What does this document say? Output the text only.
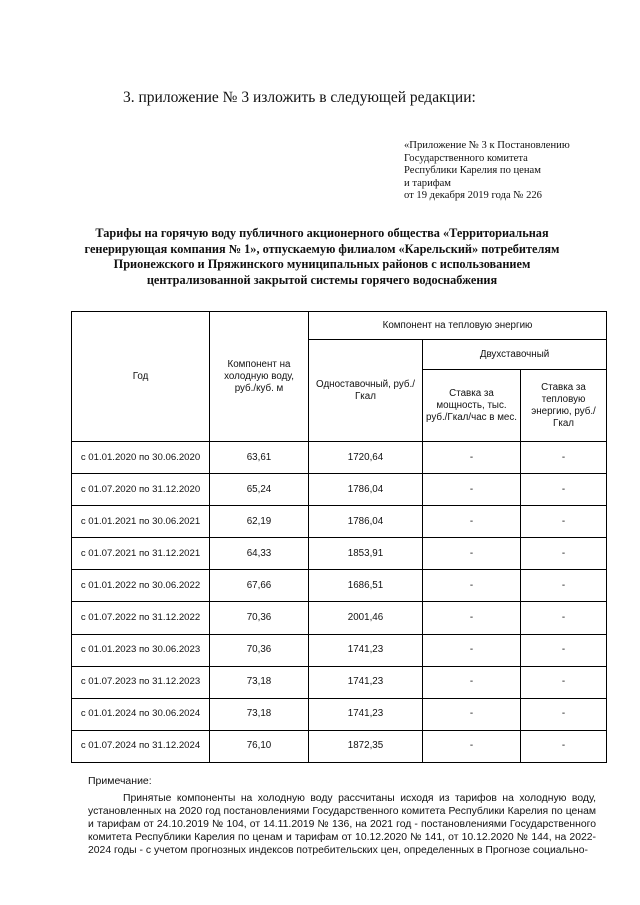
3. приложение № 3 изложить в следующей редакции:
«Приложение № 3 к Постановлению
Государственного комитета
Республики Карелия по ценам
и тарифам
от 19 декабря 2019 года № 226
Тарифы на горячую воду публичного акционерного общества «Территориальная генерирующая компания № 1», отпускаемую филиалом «Карельский» потребителям Прионежского и Пряжинского муниципальных районов с использованием централизованной закрытой системы горячего водоснабжения
Год	Компонент на холодную воду, руб./куб. м	Компонент на тепловую энергию		
		Одноставочный, руб./Гкал	Двухставочный	
			Ставка за мощность, тыс. руб./Гкал/час в мес.	Ставка за тепловую энергию, руб./Гкал
с 01.01.2020 по 30.06.2020	63,61	1720,64	-	-
с 01.07.2020 по 31.12.2020	65,24	1786,04	-	-
с 01.01.2021 по 30.06.2021	62,19	1786,04	-	-
с 01.07.2021 по 31.12.2021	64,33	1853,91	-	-
с 01.01.2022 по 30.06.2022	67,66	1686,51	-	-
с 01.07.2022 по 31.12.2022	70,36	2001,46	-	-
с 01.01.2023 по 30.06.2023	70,36	1741,23	-	-
с 01.07.2023 по 31.12.2023	73,18	1741,23	-	-
с 01.01.2024 по 30.06.2024	73,18	1741,23	-	-
с 01.07.2024 по 31.12.2024	76,10	1872,35	-	-
Примечание:
Принятые компоненты на холодную воду рассчитаны исходя из тарифов на холодную воду, установленных на 2020 год постановлениями Государственного комитета Республики Карелия по ценам и тарифам от 24.10.2019 № 104, от 14.11.2019 № 136, на 2021 год - постановлениями Государственного комитета Республики Карелия по ценам и тарифам от 10.12.2020 № 141, от 10.12.2020 № 144, на 2022-2024 годы - с учетом прогнозных индексов потребительских цен, определенных в Прогнозе социально-
